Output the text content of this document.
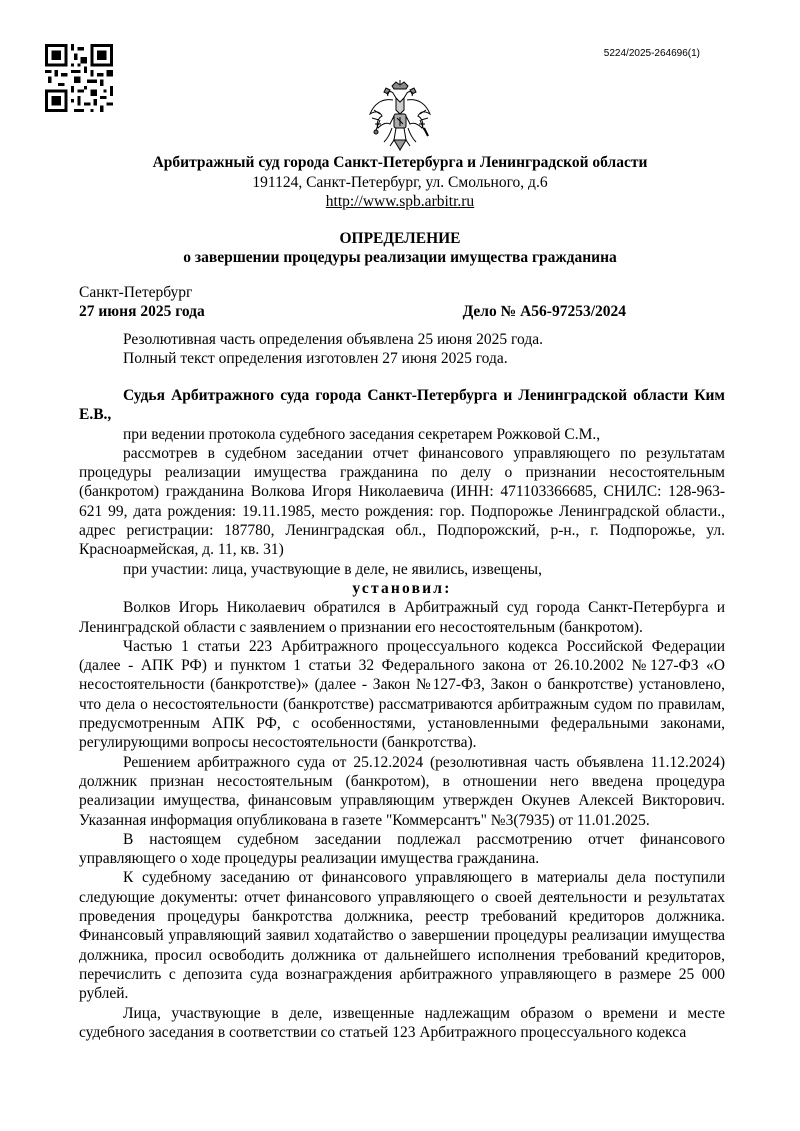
5224/2025-264696(1)
Арбитражный суд города Санкт-Петербурга и Ленинградской области
191124, Санкт-Петербург, ул. Смольного, д.6
http://www.spb.arbitr.ru
ОПРЕДЕЛЕНИЕ
о завершении процедуры реализации имущества гражданина
Санкт-Петербург
27 июня 2025 года	Дело № А56-97253/2024
Резолютивная часть определения объявлена 25 июня 2025 года.
Полный текст определения изготовлен 27 июня 2025 года.

Судья Арбитражного суда города Санкт-Петербурга и Ленинградской области Ким Е.В.,

при ведении протокола судебного заседания секретарем Рожковой С.М.,

рассмотрев в судебном заседании отчет финансового управляющего по результатам процедуры реализации имущества гражданина по делу о признании несостоятельным (банкротом) гражданина Волкова Игоря Николаевича (ИНН: 471103366685, СНИЛС: 128-963-621 99, дата рождения: 19.11.1985, место рождения: гор. Подпорожье Ленинградской области., адрес регистрации: 187780, Ленинградская обл., Подпорожский, р-н., г. Подпорожье, ул. Красноармейская, д. 11, кв. 31)

при участии: лица, участвующие в деле, не явились, извещены,

установил:

Волков Игорь Николаевич обратился в Арбитражный суд города Санкт-Петербурга и Ленинградской области с заявлением о признании его несостоятельным (банкротом).

Частью 1 статьи 223 Арбитражного процессуального кодекса Российской Федерации (далее - АПК РФ) и пунктом 1 статьи 32 Федерального закона от 26.10.2002 №127-ФЗ «О несостоятельности (банкротстве)» (далее - Закон №127-ФЗ, Закон о банкротстве) установлено, что дела о несостоятельности (банкротстве) рассматриваются арбитражным судом по правилам, предусмотренным АПК РФ, с особенностями, установленными федеральными законами, регулирующими вопросы несостоятельности (банкротства).

Решением арбитражного суда от 25.12.2024 (резолютивная часть объявлена 11.12.2024) должник признан несостоятельным (банкротом), в отношении него введена процедура реализации имущества, финансовым управляющим утвержден Окунев Алексей Викторович. Указанная информация опубликована в газете "Коммерсантъ" №3(7935) от 11.01.2025.

В настоящем судебном заседании подлежал рассмотрению отчет финансового управляющего о ходе процедуры реализации имущества гражданина.

К судебному заседанию от финансового управляющего в материалы дела поступили следующие документы: отчет финансового управляющего о своей деятельности и результатах проведения процедуры банкротства должника, реестр требований кредиторов должника. Финансовый управляющий заявил ходатайство о завершении процедуры реализации имущества должника, просил освободить должника от дальнейшего исполнения требований кредиторов, перечислить с депозита суда вознаграждения арбитражного управляющего в размере 25 000 рублей.

Лица, участвующие в деле, извещенные надлежащим образом о времени и месте судебного заседания в соответствии со статьей 123 Арбитражного процессуального кодекса
